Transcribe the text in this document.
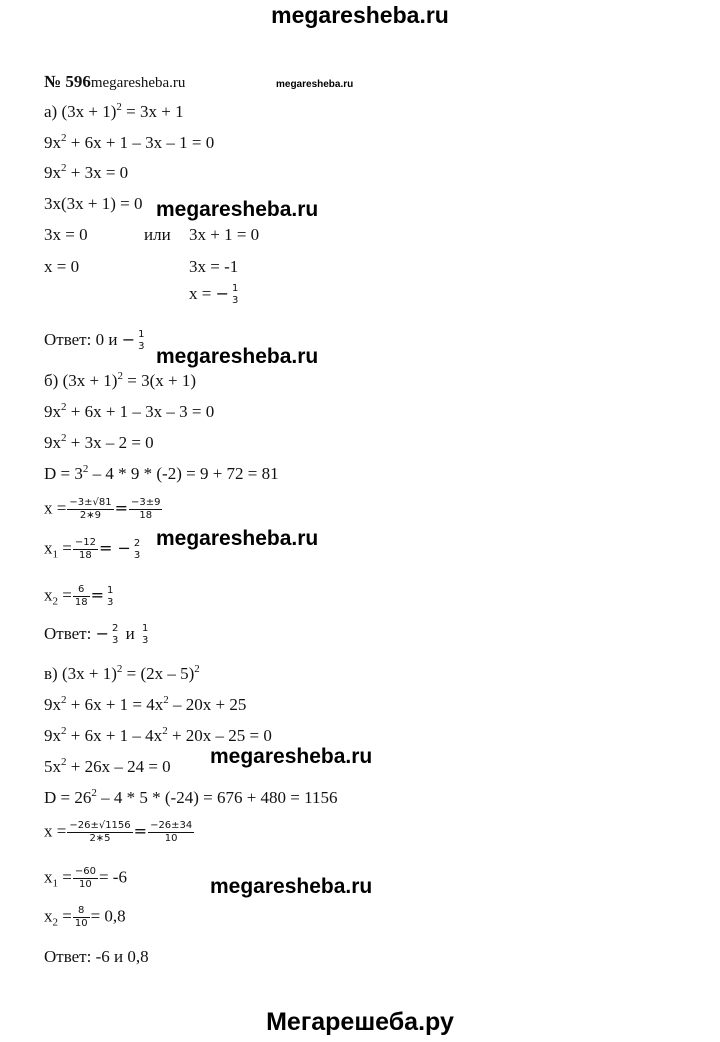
megaresheba.ru
Мегарешеба.ру
№ 596megaresheba.ru	megaresheba.ru
megaresheba.ru
megaresheba.ru
megaresheba.ru
megaresheba.ru
megaresheba.ru
а) $(3x + 1)^2 = 3x + 1$
$9x^2 + 6x + 1 - 3x - 1 = 0$
$9x^2 + 3x = 0$
3x(3x + 1) = 0
3x = 0	или 3x + 1 = 0
x = 0	3x = -1
x = − 1
3
Ответ: 0 и − 1
3
б) $(3x + 1)^2 = 3(x + 1)$
$9x^2 + 6x + 1 - 3x - 3 = 0$
$9x^2 + 3x - 2 = 0$
$D = 3^2 - 4 * 9 * (-2) = 9 + 72 = 81$
$x = \frac{-3\pm√81}{2∗9} = \frac{-3\pm 9}{18}$
$x_1 = \frac{-12}{18}$ = − 2
3
$x_2 = \frac{6}{18} = 1$
3
Ответ: − 2
3 и 1
3
в) $(3x + 1)^2 = (2x - 5)^2$
$9x^2 + 6x + 1 = 4x^2 - 20x + 25$
$9x^2 + 6x + 1 - 4x^2 + 20x - 25 = 0$
$5x^2 + 26x - 24 = 0$
$D = 26^2 - 4 * 5 * (-24) = 676 + 480 = 1156$
$x = \frac{-26\pm√1156}{2∗5} = \frac{-26\pm 34}{10}$
$x_1 = \frac{-60}{10} = -6$
$x_2 = \frac{8}{10} = 0,8$
Ответ: -6 и 0,8
